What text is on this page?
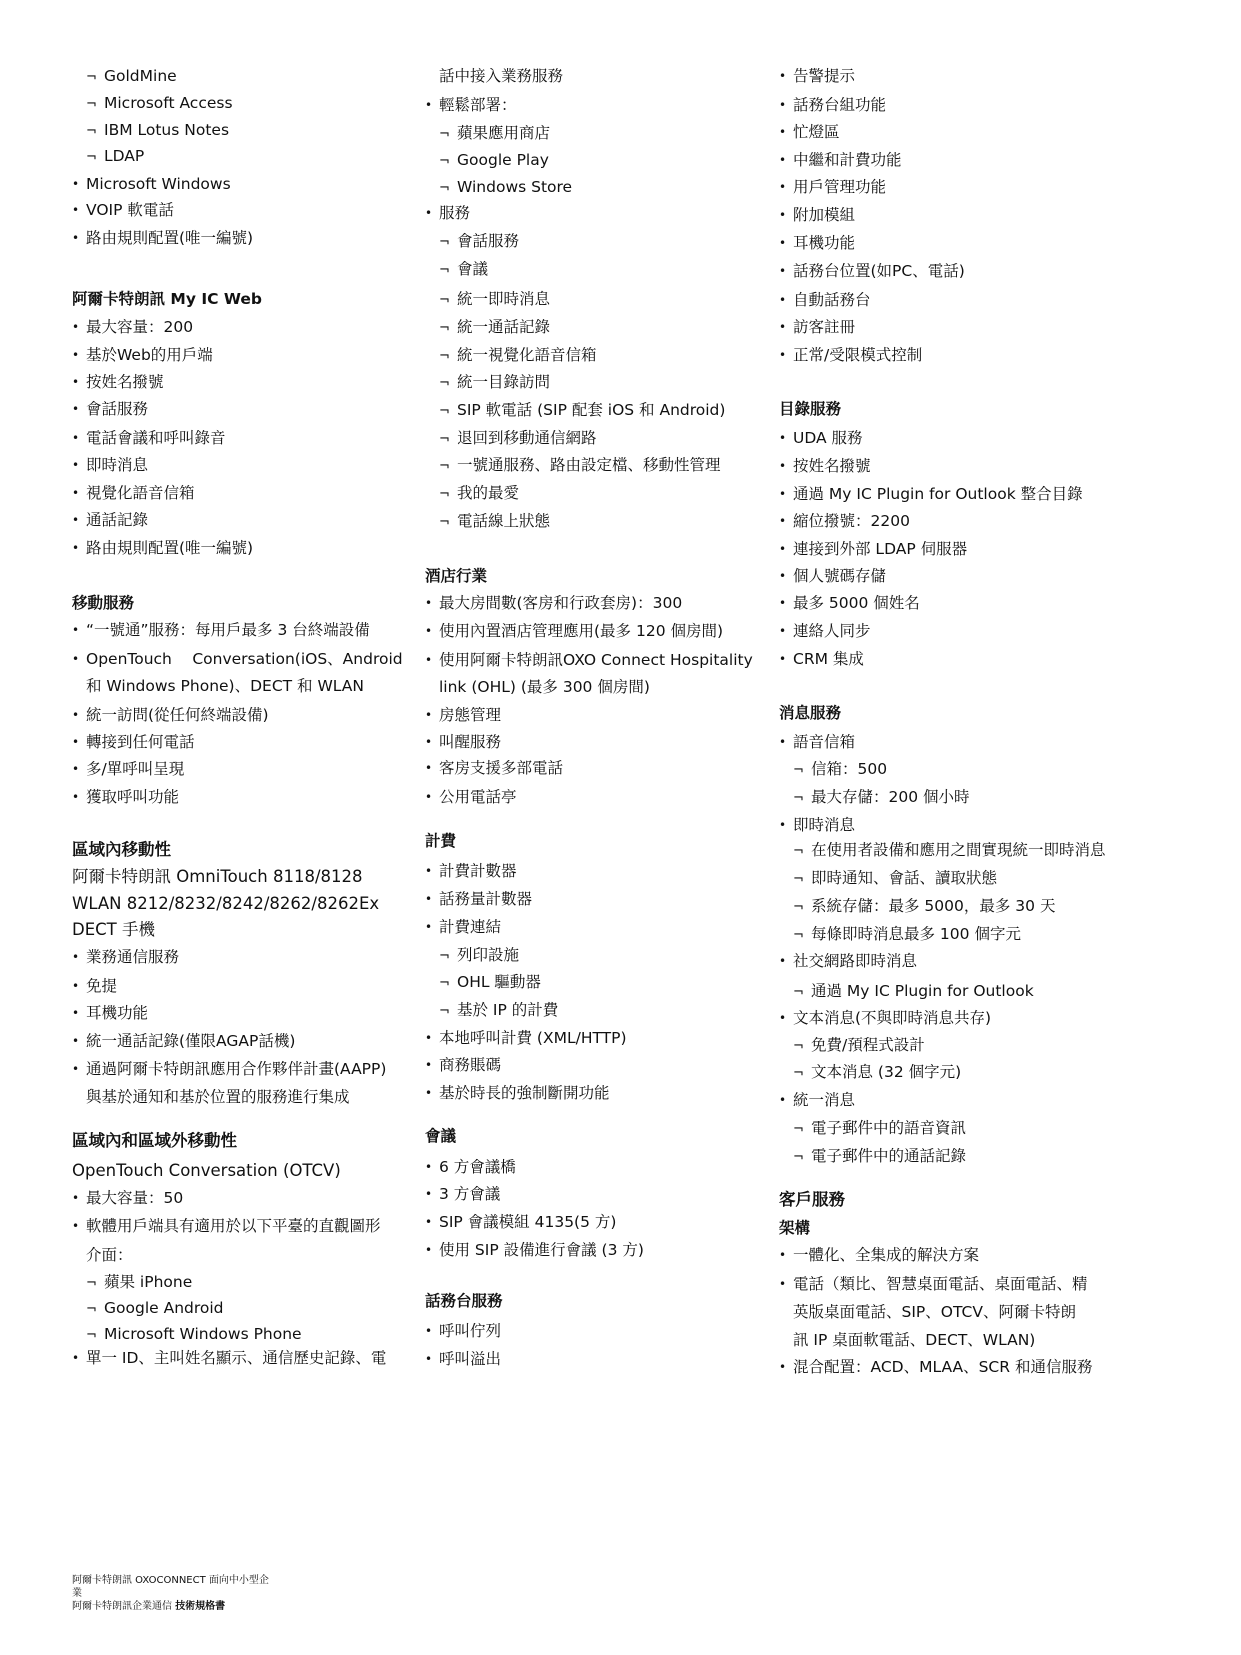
¬ GoldMine
¬ Microsoft Access
¬ IBM Lotus Notes
¬ LDAP
• Microsoft Windows
• VOIP 軟電話
• 路由規則配置(唯一編號)
阿爾卡特朗訊 My IC Web
• 最大容量：200
• 基於Web的用戶端
• 按姓名撥號
• 會話服務
• 電話會議和呼叫錄音
• 即時消息
• 視覺化語音信箱
• 通話記錄
• 路由規則配置(唯一編號)
移動服務
• “一號通”服務：每用戶最多 3 台終端設備
• OpenTouch　 Conversation(iOS、Android
和 Windows Phone)、DECT 和 WLAN
• 統一訪問(從任何終端設備)
• 轉接到任何電話
• 多/單呼叫呈現
• 獲取呼叫功能
區域內移動性
阿爾卡特朗訊 OmniTouch 8118/8128
WLAN 8212/8232/8242/8262/8262Ex
DECT 手機
• 業務通信服務
• 免提
• 耳機功能
• 統一通話記錄(僅限AGAP話機)
• 通過阿爾卡特朗訊應用合作夥伴計畫(AAPP)
與基於通知和基於位置的服務進行集成
區域內和區域外移動性
OpenTouch Conversation (OTCV)
• 最大容量：50
• 軟體用戶端具有適用於以下平臺的直觀圖形
介面：
¬ 蘋果 iPhone
¬ Google Android
¬ Microsoft Windows Phone
• 單一 ID、主叫姓名顯示、通信歷史記錄、電
話中接入業務服務
• 輕鬆部署：
¬ 蘋果應用商店
¬ Google Play
¬ Windows Store
• 服務
¬ 會話服務
¬ 會議
¬ 統一即時消息
¬ 統一通話記錄
¬ 統一視覺化語音信箱
¬ 統一目錄訪問
¬ SIP 軟電話 (SIP 配套 iOS 和 Android)
¬ 退回到移動通信網路
¬ 一號通服務、路由設定檔、移動性管理
¬ 我的最愛
¬ 電話線上狀態
酒店行業
• 最大房間數(客房和行政套房)：300
• 使用內置酒店管理應用(最多 120 個房間)
• 使用阿爾卡特朗訊OXO Connect Hospitality
link (OHL) (最多 300 個房間)
• 房態管理
• 叫醒服務
• 客房支援多部電話
• 公用電話亭
計費
• 計費計數器
• 話務量計數器
• 計費連結
¬ 列印設施
¬ OHL 驅動器
¬ 基於 IP 的計費
• 本地呼叫計費 (XML/HTTP)
• 商務賬碼
• 基於時長的強制斷開功能
會議
• 6 方會議橋
• 3 方會議
• SIP 會議模組 4135(5 方)
• 使用 SIP 設備進行會議 (3 方)
話務台服務
• 呼叫佇列
• 呼叫溢出
• 告警提示
• 話務台組功能
• 忙燈區
• 中繼和計費功能
• 用戶管理功能
• 附加模組
• 耳機功能
• 話務台位置(如PC、電話)
• 自動話務台
• 訪客註冊
• 正常/受限模式控制
目錄服務
• UDA 服務
• 按姓名撥號
• 通過 My IC Plugin for Outlook 整合目錄
• 縮位撥號：2200
• 連接到外部 LDAP 伺服器
• 個人號碼存儲
• 最多 5000 個姓名
• 連絡人同步
• CRM 集成
消息服務
• 語音信箱
¬ 信箱：500
¬ 最大存儲：200 個小時
• 即時消息
¬ 在使用者設備和應用之間實現統一即時消息
¬ 即時通知、會話、讀取狀態
¬ 系統存儲：最多 5000，最多 30 天
¬ 每條即時消息最多 100 個字元
• 社交網路即時消息
¬ 通過 My IC Plugin for Outlook
• 文本消息(不與即時消息共存)
¬ 免費/預程式設計
¬ 文本消息 (32 個字元)
• 統一消息
¬ 電子郵件中的語音資訊
¬ 電子郵件中的通話記錄
客戶服務
架構
• 一體化、全集成的解決方案
• 電話（類比、智慧桌面電話、桌面電話、精
英版桌面電話、SIP、OTCV、阿爾卡特朗
訊 IP 桌面軟電話、DECT、WLAN)
• 混合配置：ACD、MLAA、SCR 和通信服務
阿爾卡特朗訊 OXOCONNECT 面向中小型企
業
阿爾卡特朗訊企業通信 技術規格書
